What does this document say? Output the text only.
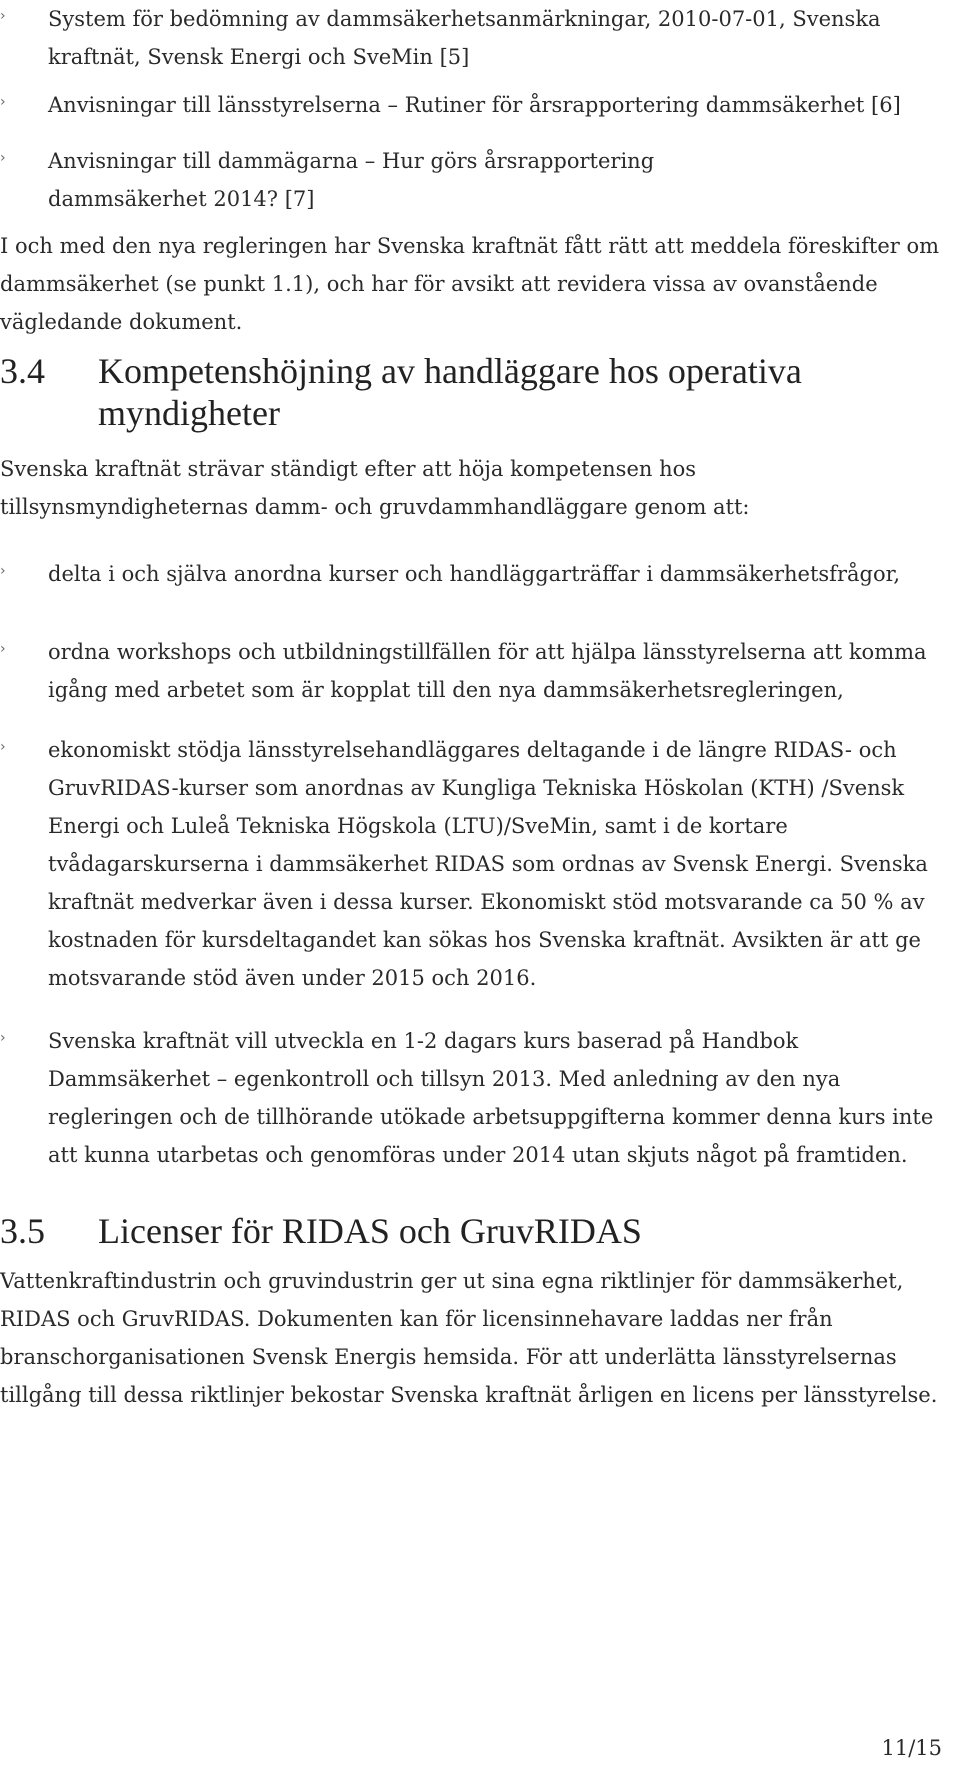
› System för bedömning av dammsäkerhetsanmärkningar, 2010-07-01, Svenska kraftnät, Svensk Energi och SveMin [5]
› Anvisningar till länsstyrelserna – Rutiner för årsrapportering dammsäkerhet [6]
› Anvisningar till dammägarna – Hur görs årsrapportering dammsäkerhet 2014? [7]
I och med den nya regleringen har Svenska kraftnät fått rätt att meddela föreskifter om dammsäkerhet (se punkt 1.1), och har för avsikt att revidera vissa av ovanstående vägledande dokument.
3.4 Kompetenshöjning av handläggare hos operativa myndigheter
Svenska kraftnät strävar ständigt efter att höja kompetensen hos tillsynsmyndigheternas damm- och gruvdammhandläggare genom att:
› delta i och själva anordna kurser och handläggarträffar i dammsäkerhetsfrågor,
› ordna workshops och utbildningstillfällen för att hjälpa länsstyrelserna att komma igång med arbetet som är kopplat till den nya dammsäkerhetsregleringen,
› ekonomiskt stödja länsstyrelsehandläggares deltagande i de längre RIDAS- och GruvRIDAS-kurser som anordnas av Kungliga Tekniska Höskolan (KTH) /Svensk Energi och Luleå Tekniska Högskola (LTU)/SveMin, samt i de kortare tvådagarskurserna i dammsäkerhet RIDAS som ordnas av Svensk Energi. Svenska kraftnät medverkar även i dessa kurser. Ekonomiskt stöd motsvarande ca 50 % av kostnaden för kursdeltagandet kan sökas hos Svenska kraftnät. Avsikten är att ge motsvarande stöd även under 2015 och 2016.
› Svenska kraftnät vill utveckla en 1-2 dagars kurs baserad på Handbok Dammsäkerhet – egenkontroll och tillsyn 2013. Med anledning av den nya regleringen och de tillhörande utökade arbetsuppgifterna kommer denna kurs inte att kunna utarbetas och genomföras under 2014 utan skjuts något på framtiden.
3.5 Licenser för RIDAS och GruvRIDAS
Vattenkraftindustrin och gruvindustrin ger ut sina egna riktlinjer för dammsäkerhet, RIDAS och GruvRIDAS. Dokumenten kan för licensinnehavare laddas ner från branschorganisationen Svensk Energis hemsida. För att underlätta länsstyrelsernas tillgång till dessa riktlinjer bekostar Svenska kraftnät årligen en licens per länsstyrelse.
11/15
